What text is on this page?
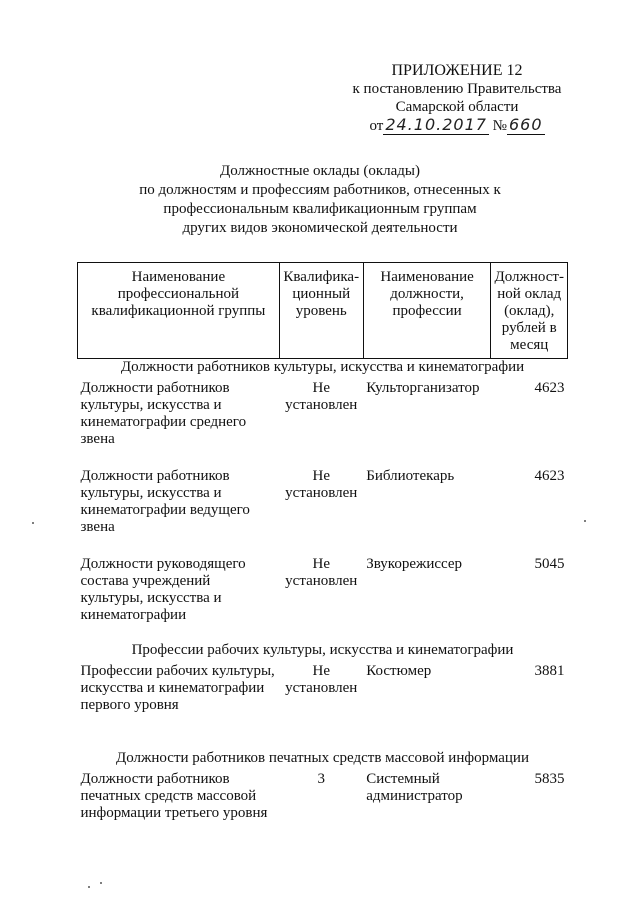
ПРИЛОЖЕНИЕ 12
к постановлению Правительства
Самарской области
от 24.10.2017 № 660
Должностные оклады (оклады)
по должностям и профессиям работников, отнесенных к
профессиональным квалификационным группам
других видов экономической деятельности
Наименование профессиональной квалификационной группы	Квалифика-ционный уровень	Наименование должности, профессии	Должност-ной оклад (оклад), рублей в месяц
Должности работников культуры, искусства и кинематографии			
Должности работников культуры, искусства и кинематографии среднего звена	Не установлен	Культорганизатор	4623
Должности работников культуры, искусства и кинематографии ведущего звена	Не установлен	Библиотекарь	4623
Должности руководящего состава учреждений культуры, искусства и кинематографии	Не установлен	Звукорежиссер	5045
Профессии рабочих культуры, искусства и кинематографии			
Профессии рабочих культуры, искусства и кинематографии первого уровня	Не установлен	Костюмер	3881
Должности работников печатных средств массовой информации			
Должности работников печатных средств массовой информации третьего уровня	3	Системный администратор	5835
